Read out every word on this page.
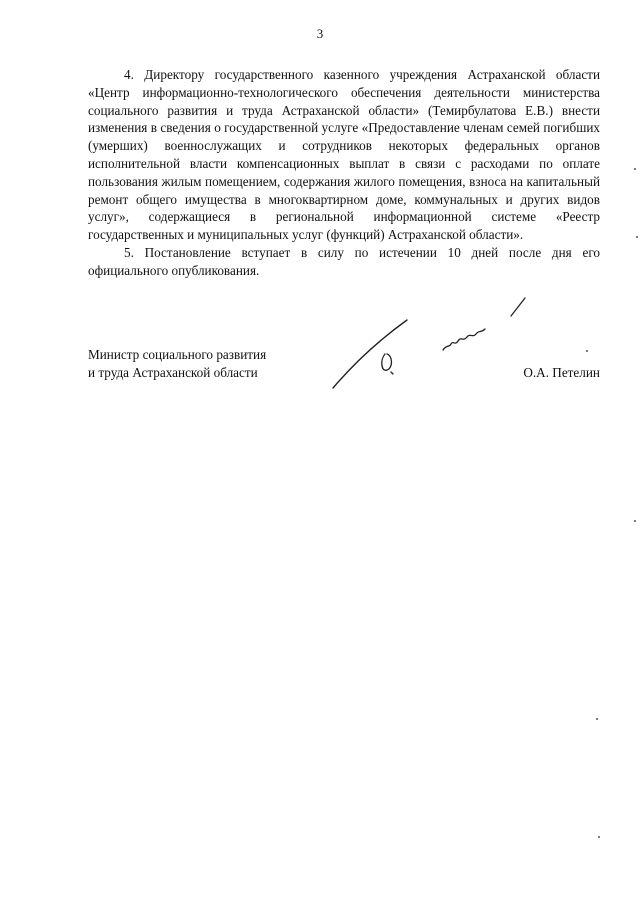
3

4. Директору государственного казенного учреждения Астраханской области «Центр информационно-технологического обеспечения деятельности министерства социального развития и труда Астраханской области» (Темирбулатова Е.В.) внести изменения в сведения о государственной услуге «Предоставление членам семей погибших (умерших) военнослужащих и сотрудников некоторых федеральных органов исполнительной власти компенсационных выплат в связи с расходами по оплате пользования жилым помещением, содержания жилого помещения, взноса на капитальный ремонт общего имущества в многоквартирном доме, коммунальных и других видов услуг», содержащиеся в региональной информационной системе «Реестр государственных и муниципальных услуг (функций) Астраханской области».

5. Постановление вступает в силу по истечении 10 дней после дня его официального опубликования.

Министр социального развития
и труда Астраханской области	О.А. Петелин
